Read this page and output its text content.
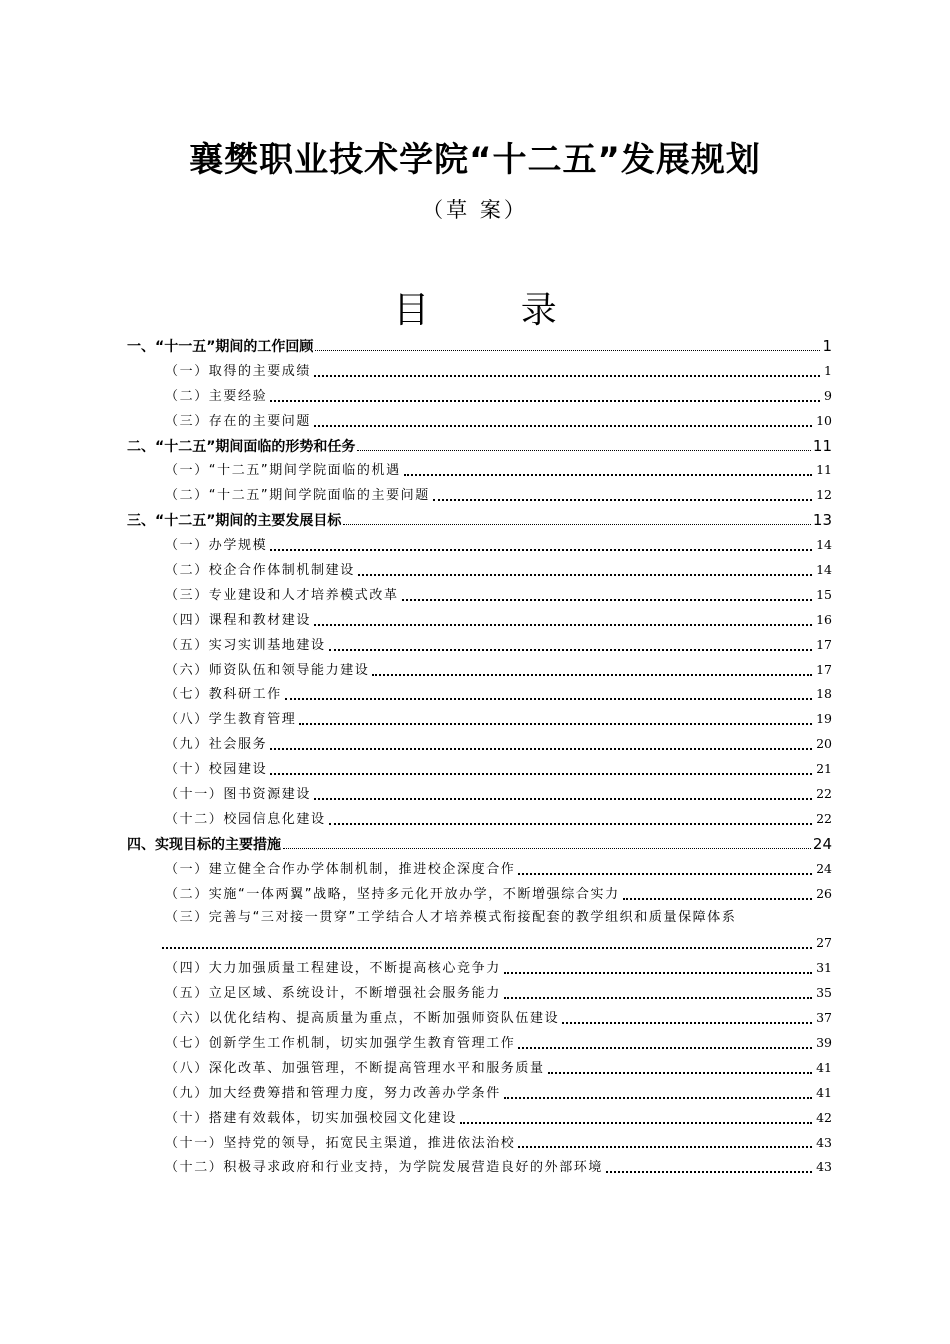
襄樊职业技术学院“十二五”发展规划
（草 案）
目 录
一、“十一五”期间的工作回顾	1
（一）取得的主要成绩	1
（二）主要经验	9
（三）存在的主要问题	10
二、“十二五”期间面临的形势和任务	11
（一）“十二五”期间学院面临的机遇	11
（二）“十二五”期间学院面临的主要问题	12
三、“十二五”期间的主要发展目标	13
（一）办学规模	14
（二）校企合作体制机制建设	14
（三）专业建设和人才培养模式改革	15
（四）课程和教材建设	16
（五）实习实训基地建设	17
（六）师资队伍和领导能力建设	17
（七）教科研工作	18
（八）学生教育管理	19
（九）社会服务	20
（十）校园建设	21
（十一）图书资源建设	22
（十二）校园信息化建设	22
四、实现目标的主要措施	24
（一）建立健全合作办学体制机制，推进校企深度合作	24
（二）实施“一体两翼”战略，坚持多元化开放办学，不断增强综合实力	26
（三）完善与“三对接一贯穿”工学结合人才培养模式衔接配套的教学组织和质量保障体系
27
（四）大力加强质量工程建设，不断提高核心竞争力	31
（五）立足区域、系统设计，不断增强社会服务能力	35
（六）以优化结构、提高质量为重点，不断加强师资队伍建设	37
（七）创新学生工作机制，切实加强学生教育管理工作	39
（八）深化改革、加强管理，不断提高管理水平和服务质量	41
（九）加大经费筹措和管理力度，努力改善办学条件	41
（十）搭建有效载体，切实加强校园文化建设	42
（十一）坚持党的领导，拓宽民主渠道，推进依法治校	43
（十二）积极寻求政府和行业支持，为学院发展营造良好的外部环境	43
